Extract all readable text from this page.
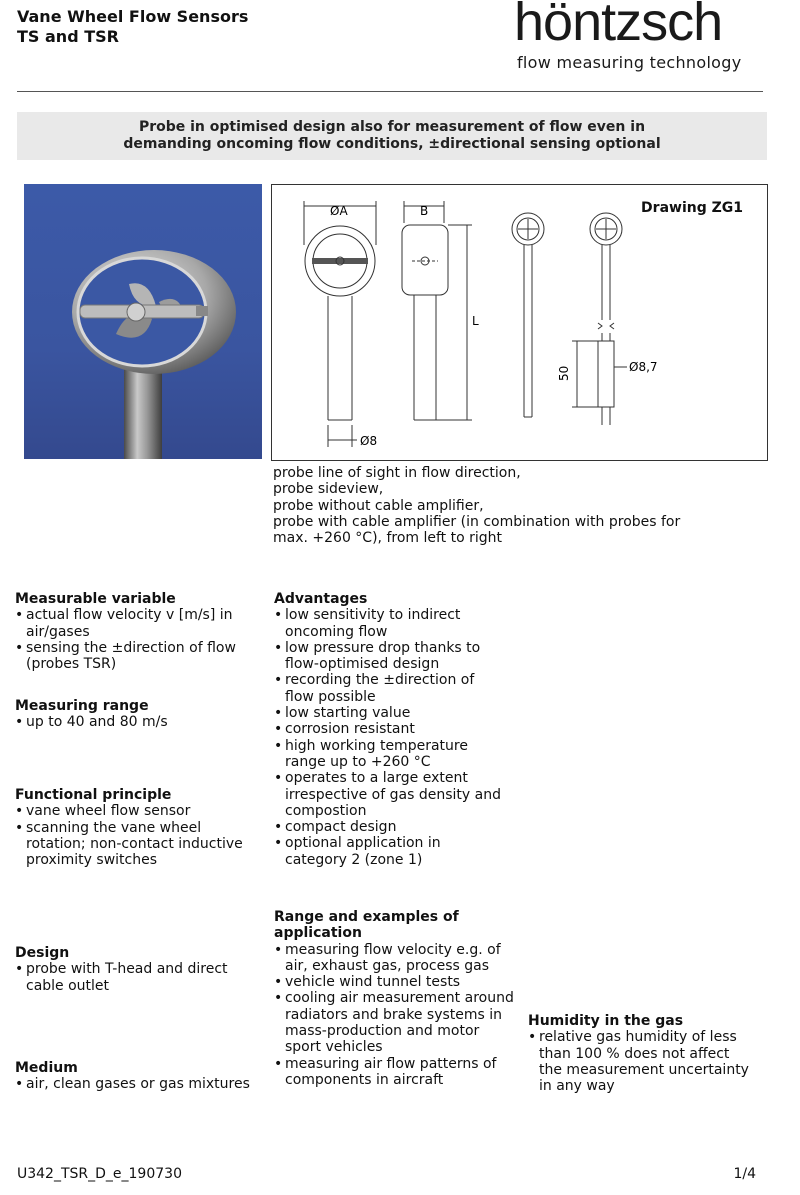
Vane Wheel Flow Sensors
TS and TSR	höntzsch
flow measuring technology
Probe in optimised design also for measurement of flow even in
demanding oncoming flow conditions, ±directional sensing optional
Drawing ZG1
ØA	B
L
Ø8
Ø8,7
50
probe line of sight in flow direction,
probe sideview,
probe without cable amplifier,
probe with cable amplifier (in combination with probes for
max. +260 °C), from left to right
Measurable variable
• actual flow velocity v [m/s] in air/gases
• sensing the ±direction of flow (probes TSR)
Measuring range
• up to 40 and 80 m/s
Functional principle
• vane wheel flow sensor
• scanning the vane wheel rotation; non-contact inductive proximity switches
Design
• probe with T-head and direct cable outlet
Medium
• air, clean gases or gas mixtures
Advantages
• low sensitivity to indirect oncoming flow
• low pressure drop thanks to flow-optimised design
• recording the ±direction of flow possible
• low starting value
• corrosion resistant
• high working temperature range up to +260 °C
• operates to a large extent irrespective of gas density and compostion
• compact design
• optional application in category 2 (zone 1)
Range and examples of application
• measuring flow velocity e.g. of air, exhaust gas, process gas
• vehicle wind tunnel tests
• cooling air measurement around radiators and brake systems in mass-production and motor sport vehicles
• measuring air flow patterns of components in aircraft
Humidity in the gas
• relative gas humidity of less than 100 % does not affect the measurement uncertainty in any way
U342_TSR_D_e_190730	1/4
